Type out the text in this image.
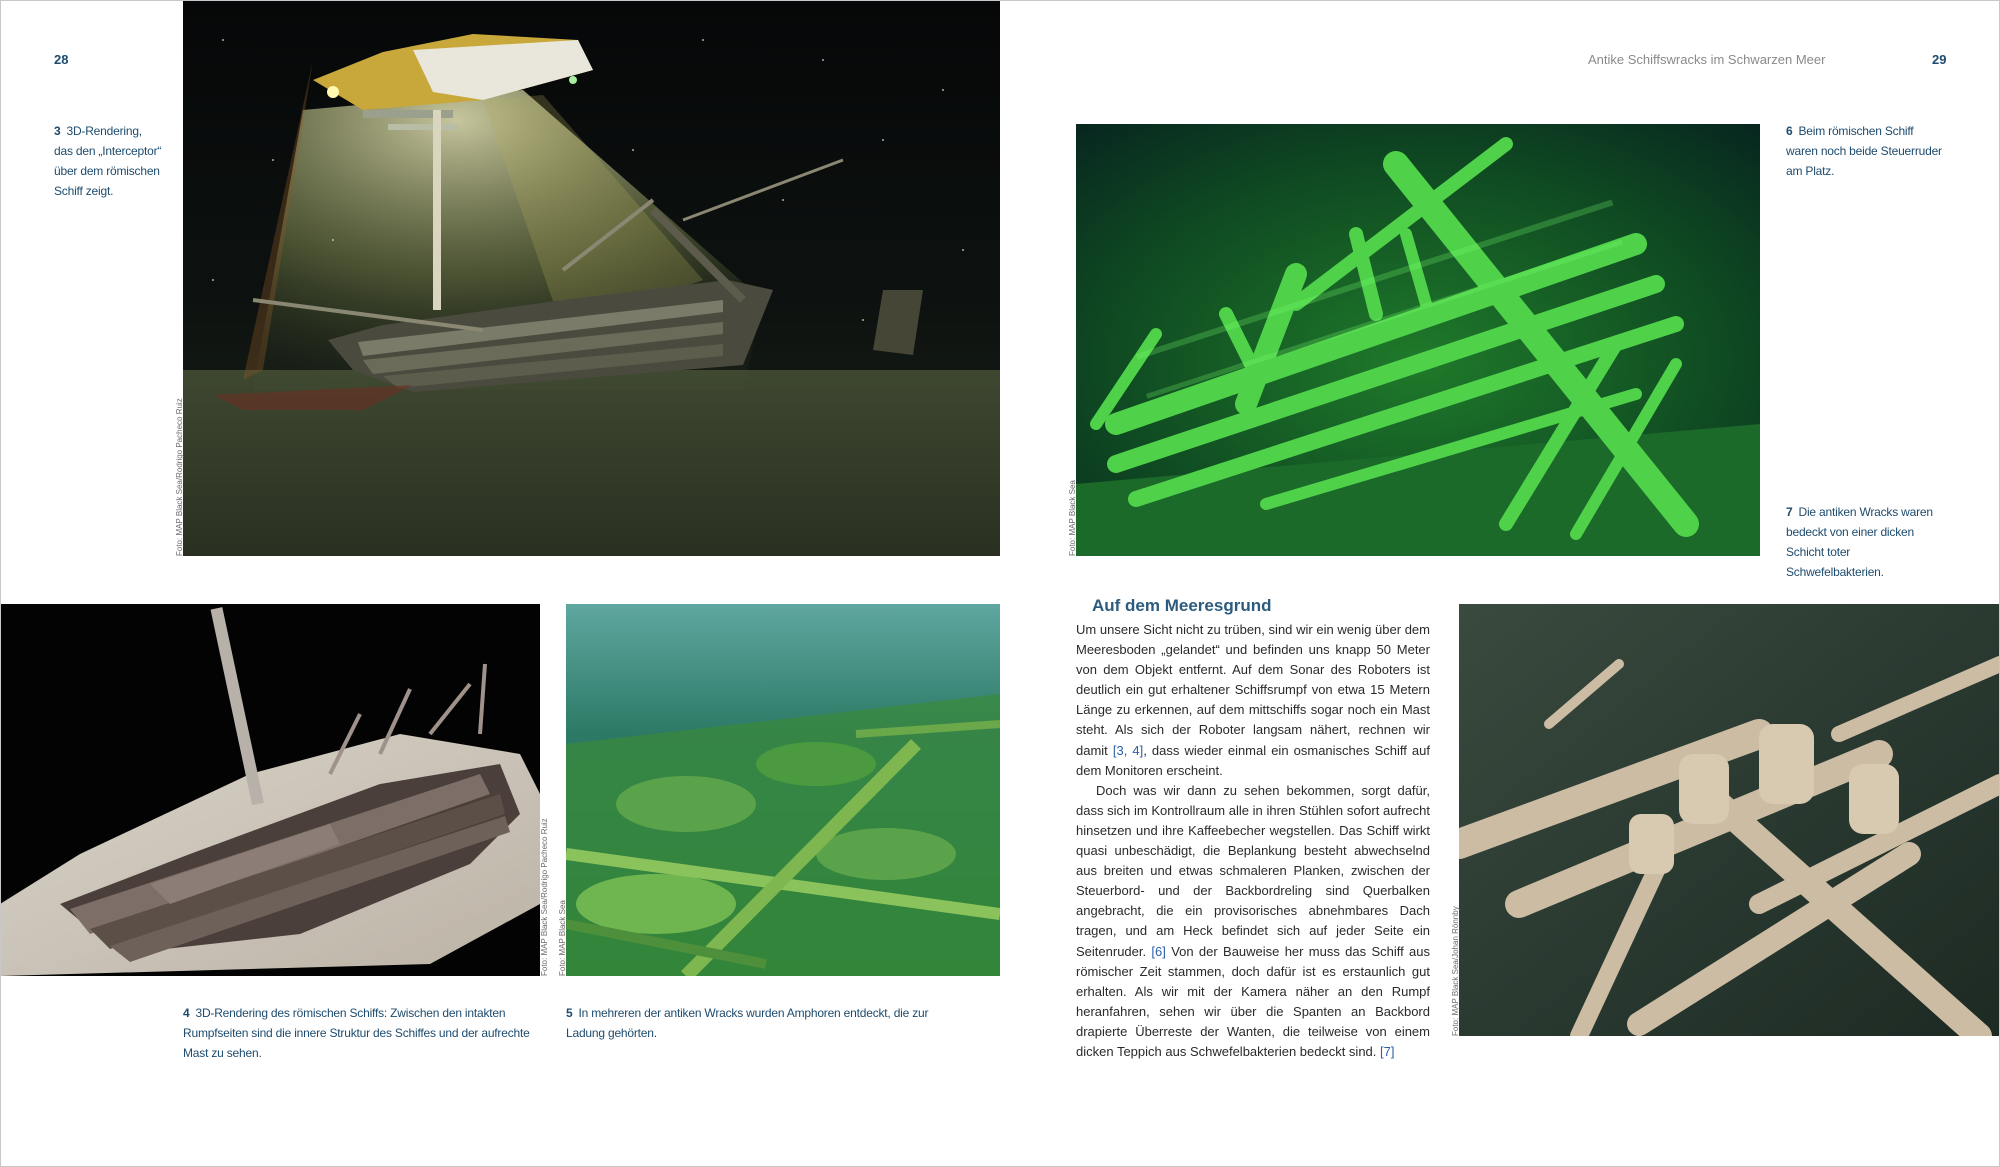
28
3 3D-Rendering, das den „Interceptor“ über dem römischen Schiff zeigt.
Foto: MAP Black Sea/Rodrigo Pacheco Ruiz
Foto: MAP Black Sea/Rodrigo Pacheco Ruiz Foto: MAP Black Sea
4 3D-Rendering des römischen Schiffs: Zwischen den intakten Rumpfseiten sind die innere Struktur des Schiffes und der aufrechte Mast zu sehen.
5 In mehreren der antiken Wracks wurden Amphoren entdeckt, die zur Ladung gehörten.
Antike Schiffswracks im Schwarzen Meer	29
Foto: MAP Black Sea
6 Beim römischen Schiff waren noch beide Steuerruder am Platz.
7 Die antiken Wracks waren bedeckt von einer dicken Schicht toter Schwefelbakterien.
Auf dem Meeresgrund

Um unsere Sicht nicht zu trüben, sind wir ein wenig über dem Meeresboden „gelandet“ und befinden uns knapp 50 Meter von dem Objekt entfernt. Auf dem Sonar des Roboters ist deutlich ein gut erhaltener Schiffsrumpf von etwa 15 Metern Länge zu erkennen, auf dem mittschiffs sogar noch ein Mast steht. Als sich der Roboter langsam nähert, rechnen wir damit [3, 4], dass wieder einmal ein osmanisches Schiff auf dem Monitoren erscheint.

Doch was wir dann zu sehen bekommen, sorgt dafür, dass sich im Kontrollraum alle in ihren Stühlen sofort aufrecht hinsetzen und ihre Kaffeebecher wegstellen. Das Schiff wirkt quasi unbeschädigt, die Beplankung besteht abwechselnd aus breiten und etwas schmaleren Planken, zwischen der Steuerbord- und der Backbordreling sind Querbalken angebracht, die ein provisorisches abnehmbares Dach tragen, und am Heck befindet sich auf jeder Seite ein Seitenruder. [6] Von der Bauweise her muss das Schiff aus römischer Zeit stammen, doch dafür ist es erstaunlich gut erhalten. Als wir mit der Kamera näher an den Rumpf heranfahren, sehen wir über die Spanten an Backbord drapierte Überreste der Wanten, die teilweise von einem dicken Teppich aus Schwefelbakterien bedeckt sind. [7]

Foto: MAP Black Sea/Johan Rönnby
